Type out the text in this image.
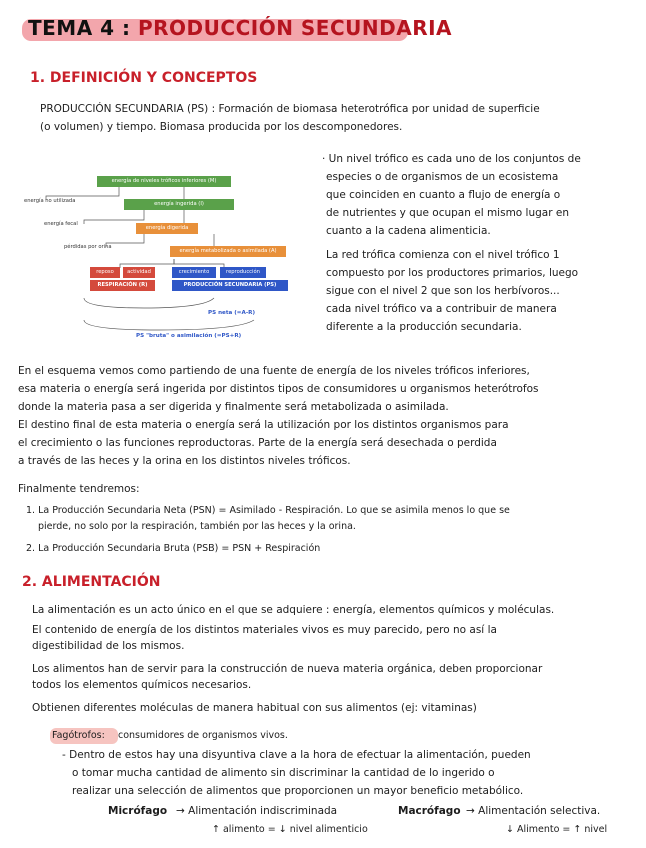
TEMA 4 : PRODUCCIÓN SECUNDARIA
1. DEFINICIÓN Y CONCEPTOS
PRODUCCIÓN SECUNDARIA (PS) : Formación de biomasa heterotrófica por unidad de superficie
(o volumen) y tiempo. Biomasa producida por los descomponedores.
· Un nivel trófico es cada uno de los conjuntos de
especies o de organismos de un ecosistema
que coinciden en cuanto a flujo de energía o
de nutrientes y que ocupan el mismo lugar en
cuanto a la cadena alimenticia.
La red trófica comienza con el nivel trófico 1
compuesto por los productores primarios, luego
sigue con el nivel 2 que son los herbívoros...
cada nivel trófico va a contribuir de manera
diferente a la producción secundaria.
energía de niveles tróficos inferiores (M)
energía no utilizada	energía ingerida (I)
energía fecal
energía digerida
pérdidas por orina
energía metabolizada o asimilada (A)
reposo	actividad	crecimiento	reproducción
RESPIRACIÓN (R)	PRODUCCIÓN SECUNDARIA (PS)
PS neta (=A-R)
PS "bruta" o asimilación (=PS+R)
En el esquema vemos como partiendo de una fuente de energía de los niveles tróficos inferiores,
esa materia o energía será ingerida por distintos tipos de consumidores u organismos heterótrofos
donde la materia pasa a ser digerida y finalmente será metabolizada o asimilada.
El destino final de esta materia o energía será la utilización por los distintos organismos para
el crecimiento o las funciones reproductoras. Parte de la energía será desechada o perdida
a través de las heces y la orina en los distintos niveles tróficos.
Finalmente tendremos:
1. La Producción Secundaria Neta (PSN) = Asimilado - Respiración. Lo que se asimila menos lo que se
pierde, no solo por la respiración, también por las heces y la orina.
2. La Producción Secundaria Bruta (PSB) = PSN + Respiración
2. ALIMENTACIÓN
La alimentación es un acto único en el que se adquiere : energía, elementos químicos y moléculas.
El contenido de energía de los distintos materiales vivos es muy parecido, pero no así la
digestibilidad de los mismos.
Los alimentos han de servir para la construcción de nueva materia orgánica, deben proporcionar
todos los elementos químicos necesarios.
Obtienen diferentes moléculas de manera habitual con sus alimentos (ej: vitaminas)
Fagótrofos: consumidores de organismos vivos.
- Dentro de estos hay una disyuntiva clave a la hora de efectuar la alimentación, pueden
o tomar mucha cantidad de alimento sin discriminar la cantidad de lo ingerido o
realizar una selección de alimentos que proporcionen un mayor beneficio metabólico.
Micrófago → Alimentación indiscriminada
↑ alimento = ↓ nivel alimenticio
Macrófago → Alimentación selectiva.
↓ Alimento = ↑ nivel
